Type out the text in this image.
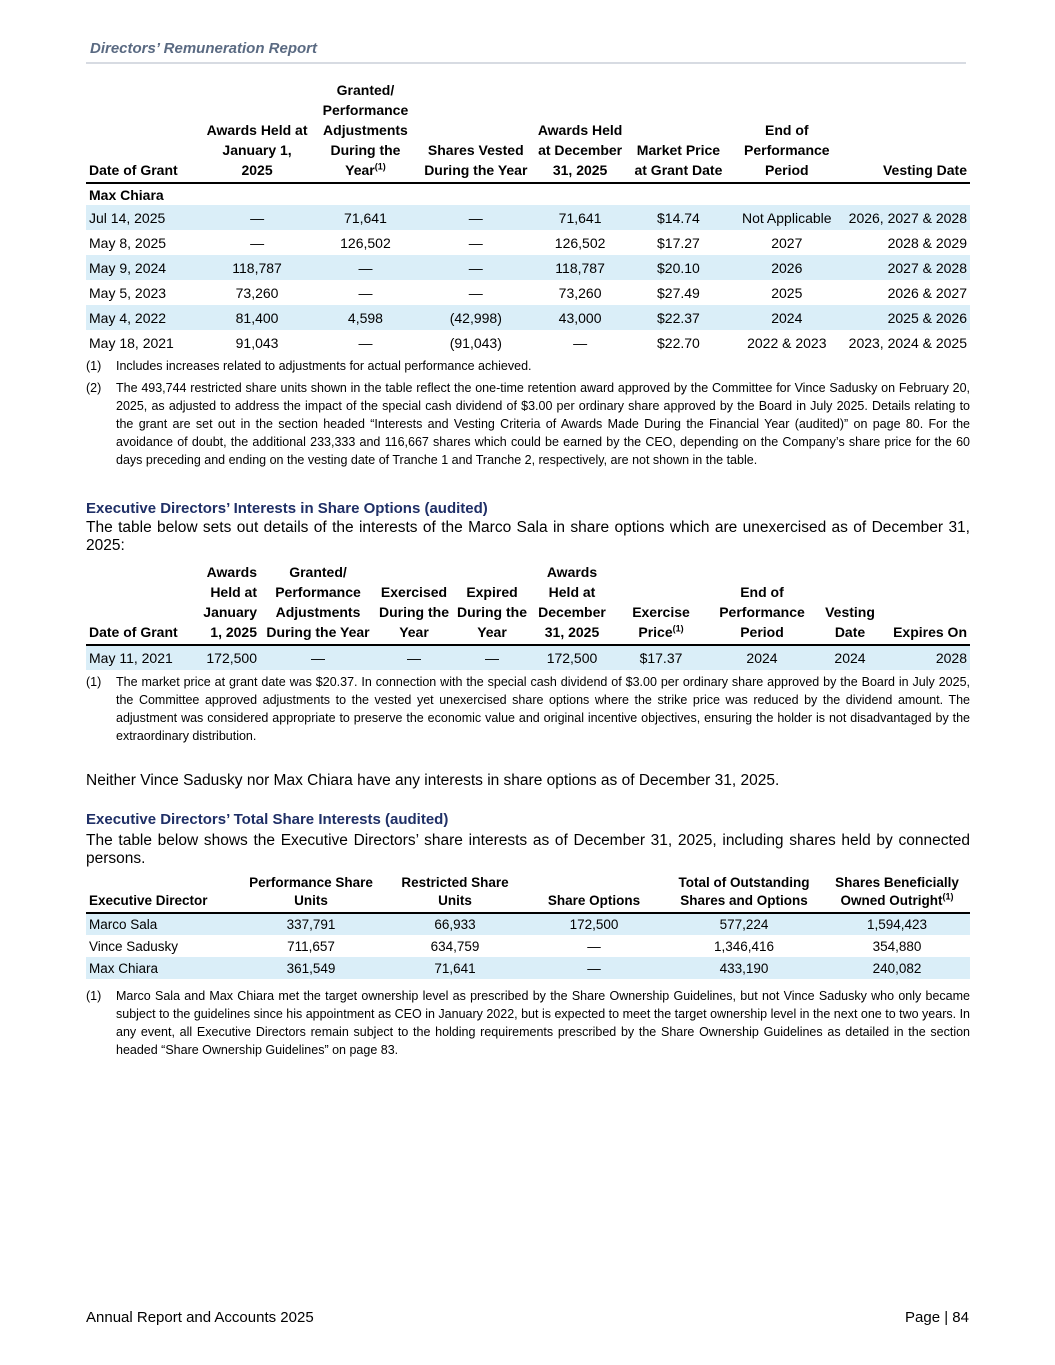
Directors’ Remuneration Report
Date of Grant	Awards Held at January 1, 2025	Granted/ Performance Adjustments During the Year$^{(1)}$	Shares Vested During the Year	Awards Held at December 31, 2025	Market Price at Grant Date	End of Performance Period	Vesting Date
Max Chiara							
Jul 14, 2025	—	71,641	—	71,641	$14.74	Not Applicable	2026, 2027 & 2028
May 8, 2025	—	126,502	—	126,502	$17.27	2027	2028 & 2029
May 9, 2024	118,787	—	—	118,787	$20.10	2026	2027 & 2028
May 5, 2023	73,260	—	—	73,260	$27.49	2025	2026 & 2027
May 4, 2022	81,400	4,598	(42,998)	43,000	$22.37	2024	2025 & 2026
May 18, 2021	91,043	—	(91,043)	—	$22.70	2022 & 2023	2023, 2024 & 2025
(1)	Includes increases related to adjustments for actual performance achieved.
(2)	The 493,744 restricted share units shown in the table reflect the one-time retention award approved by the Committee for Vince Sadusky on February 20, 2025, as adjusted to address the impact of the special cash dividend of $3.00 per ordinary share approved by the Board in July 2025. Details relating to the grant are set out in the section headed “Interests and Vesting Criteria of Awards Made During the Financial Year (audited)” on page 80. For the avoidance of doubt, the additional 233,333 and 116,667 shares which could be earned by the CEO, depending on the Company’s share price for the 60 days preceding and ending on the vesting date of Tranche 1 and Tranche 2, respectively, are not shown in the table.
Executive Directors’ Interests in Share Options (audited)
The table below sets out details of the interests of the Marco Sala in share options which are unexercised as of December 31, 2025:
Date of Grant	Awards Held at January 1, 2025	Granted/ Performance Adjustments During the Year	Exercised During the Year	Expired During the Year	Awards Held at December 31, 2025	Exercise Price$^{(1)}$	End of Performance Period	Vesting Date	Expires On
May 11, 2021	172,500	—	—	—	172,500	$17.37	2024	2024	2028
(1)	The market price at grant date was $20.37. In connection with the special cash dividend of $3.00 per ordinary share approved by the Board in July 2025, the Committee approved adjustments to the vested yet unexercised share options where the strike price was reduced by the dividend amount. The adjustment was considered appropriate to preserve the economic value and original incentive objectives, ensuring the holder is not disadvantaged by the extraordinary distribution.
Neither Vince Sadusky nor Max Chiara have any interests in share options as of December 31, 2025.
Executive Directors’ Total Share Interests (audited)
The table below shows the Executive Directors’ share interests as of December 31, 2025, including shares held by connected persons.
Executive Director	Performance Share Units	Restricted Share Units	Share Options	Total of Outstanding Shares and Options	Shares Beneficially Owned Outright$^{(1)}$
Marco Sala	337,791	66,933	172,500	577,224	1,594,423
Vince Sadusky	711,657	634,759	—	1,346,416	354,880
Max Chiara	361,549	71,641	—	433,190	240,082
(1)	Marco Sala and Max Chiara met the target ownership level as prescribed by the Share Ownership Guidelines, but not Vince Sadusky who only became subject to the guidelines since his appointment as CEO in January 2022, but is expected to meet the target ownership level in the next one to two years. In any event, all Executive Directors remain subject to the holding requirements prescribed by the Share Ownership Guidelines as detailed in the section headed “Share Ownership Guidelines” on page 83.
Annual Report and Accounts 2025	Page | 84
